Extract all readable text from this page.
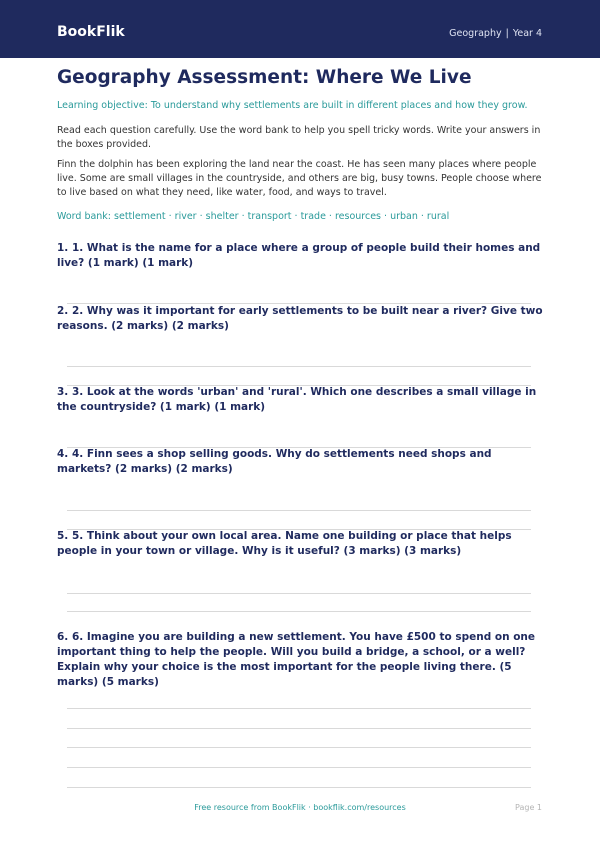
BookFlik	Geography | Year 4
Geography Assessment: Where We Live
Learning objective: To understand why settlements are built in different places and how they grow.
Read each question carefully. Use the word bank to help you spell tricky words. Write your answers in the boxes provided.
Finn the dolphin has been exploring the land near the coast. He has seen many places where people live. Some are small villages in the countryside, and others are big, busy towns. People choose where to live based on what they need, like water, food, and ways to travel.
Word bank: settlement · river · shelter · transport · trade · resources · urban · rural
1. 1. What is the name for a place where a group of people build their homes and live? (1 mark) (1 mark)
2. 2. Why was it important for early settlements to be built near a river? Give two reasons. (2 marks) (2 marks)
3. 3. Look at the words 'urban' and 'rural'. Which one describes a small village in the countryside? (1 mark) (1 mark)
4. 4. Finn sees a shop selling goods. Why do settlements need shops and markets? (2 marks) (2 marks)
5. 5. Think about your own local area. Name one building or place that helps people in your town or village. Why is it useful? (3 marks) (3 marks)
6. 6. Imagine you are building a new settlement. You have £500 to spend on one important thing to help the people. Will you build a bridge, a school, or a well? Explain why your choice is the most important for the people living there. (5 marks) (5 marks)
Free resource from BookFlik · bookflik.com/resources	Page 1
